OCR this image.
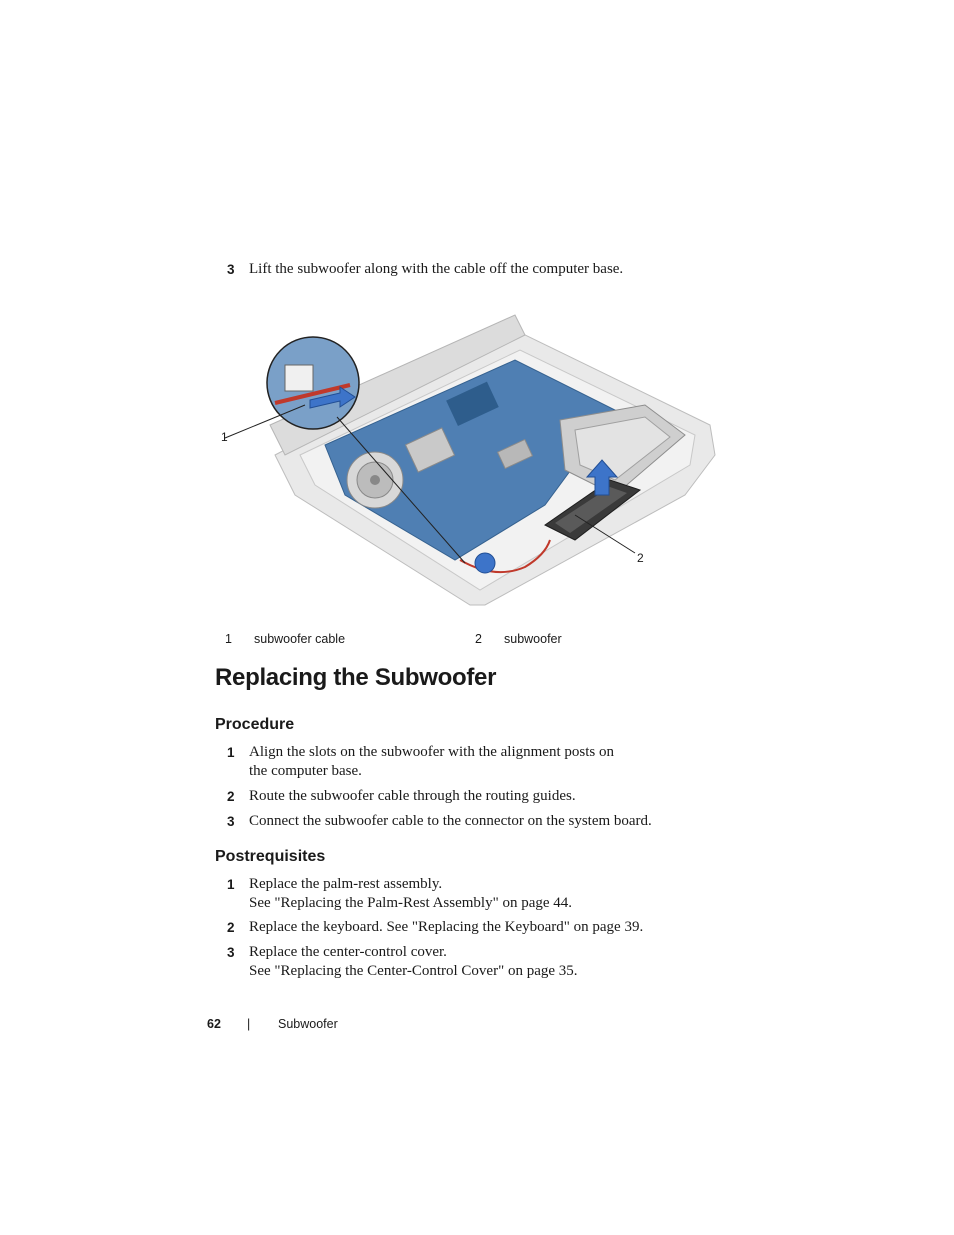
3 Lift the subwoofer along with the cable off the computer base.
1
2
1 subwoofer cable	2 subwoofer
Replacing the Subwoofer
Procedure
1 Align the slots on the subwoofer with the alignment posts on
the computer base.
2 Route the subwoofer cable through the routing guides.
3 Connect the subwoofer cable to the connector on the system board.
Postrequisites
1 Replace the palm-rest assembly.
See "Replacing the Palm-Rest Assembly" on page 44.
2 Replace the keyboard. See "Replacing the Keyboard" on page 39.
3 Replace the center-control cover.
See "Replacing the Center-Control Cover" on page 35.
62 | Subwoofer
